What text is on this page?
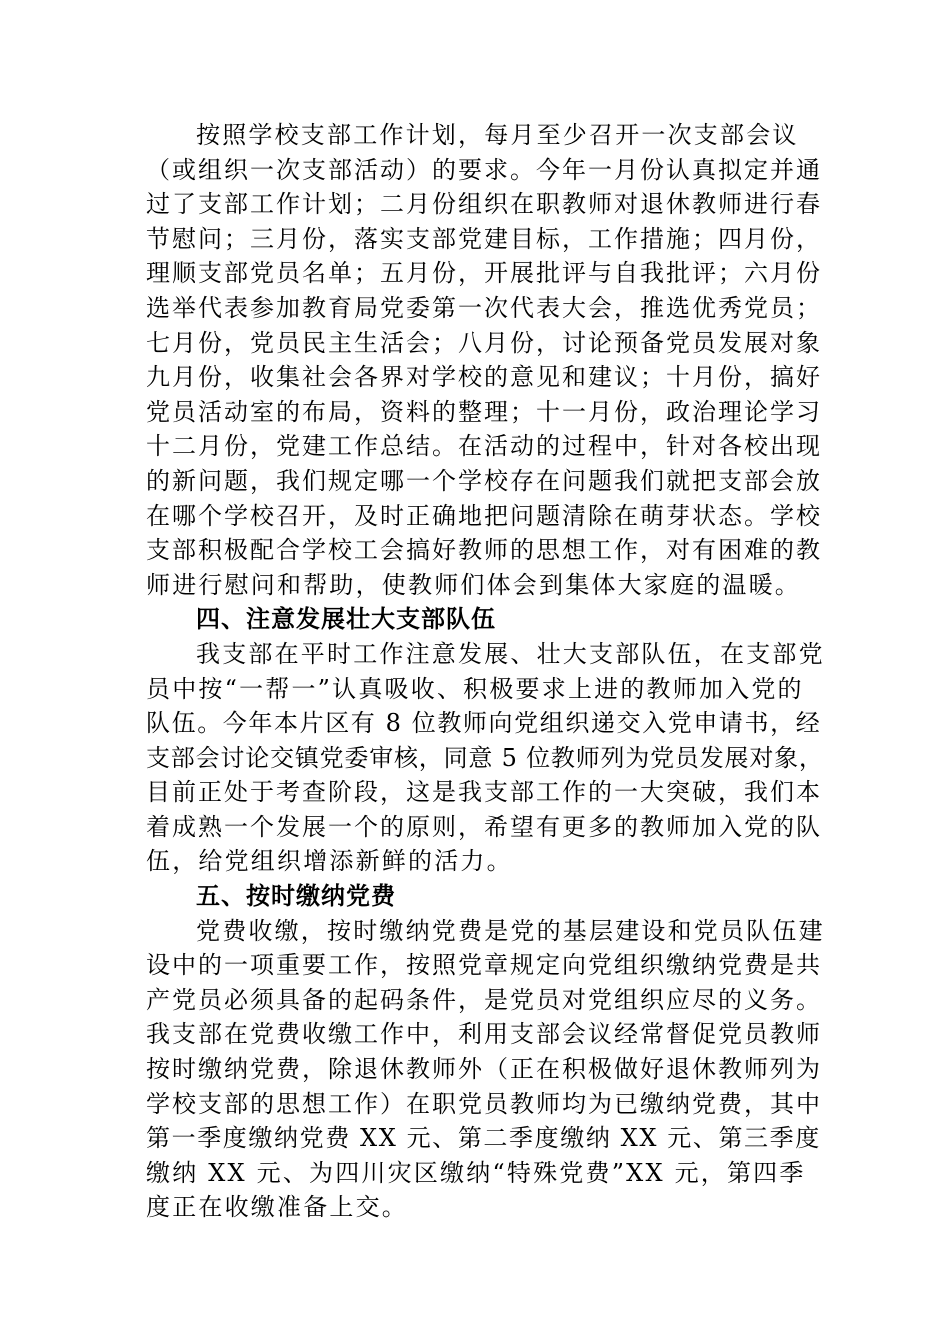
按照学校支部工作计划，每月至少召开一次支部会议
（或组织一次支部活动）的要求。今年一月份认真拟定并通
过了支部工作计划；二月份组织在职教师对退休教师进行春
节慰问；三月份，落实支部党建目标，工作措施；四月份，
理顺支部党员名单；五月份，开展批评与自我批评；六月份
选举代表参加教育局党委第一次代表大会，推选优秀党员；
七月份，党员民主生活会；八月份，讨论预备党员发展对象
九月份，收集社会各界对学校的意见和建议；十月份，搞好
党员活动室的布局，资料的整理；十一月份，政治理论学习
十二月份，党建工作总结。在活动的过程中，针对各校出现
的新问题，我们规定哪一个学校存在问题我们就把支部会放
在哪个学校召开，及时正确地把问题清除在萌芽状态。学校
支部积极配合学校工会搞好教师的思想工作，对有困难的教
师进行慰问和帮助，使教师们体会到集体大家庭的温暖。
四、注意发展壮大支部队伍
我支部在平时工作注意发展、壮大支部队伍，在支部党
员中按“一帮一”认真吸收、积极要求上进的教师加入党的
队伍。今年本片区有 8 位教师向党组织递交入党申请书，经
支部会讨论交镇党委审核，同意 5 位教师列为党员发展对象，
目前正处于考查阶段，这是我支部工作的一大突破，我们本
着成熟一个发展一个的原则，希望有更多的教师加入党的队
伍，给党组织增添新鲜的活力。
五、按时缴纳党费
党费收缴，按时缴纳党费是党的基层建设和党员队伍建
设中的一项重要工作，按照党章规定向党组织缴纳党费是共
产党员必须具备的起码条件，是党员对党组织应尽的义务。
我支部在党费收缴工作中，利用支部会议经常督促党员教师
按时缴纳党费，除退休教师外（正在积极做好退休教师列为
学校支部的思想工作）在职党员教师均为已缴纳党费，其中
第一季度缴纳党费 XX 元、第二季度缴纳 XX 元、第三季度
缴纳 XX 元、为四川灾区缴纳“特殊党费”XX 元，第四季
度正在收缴准备上交。
